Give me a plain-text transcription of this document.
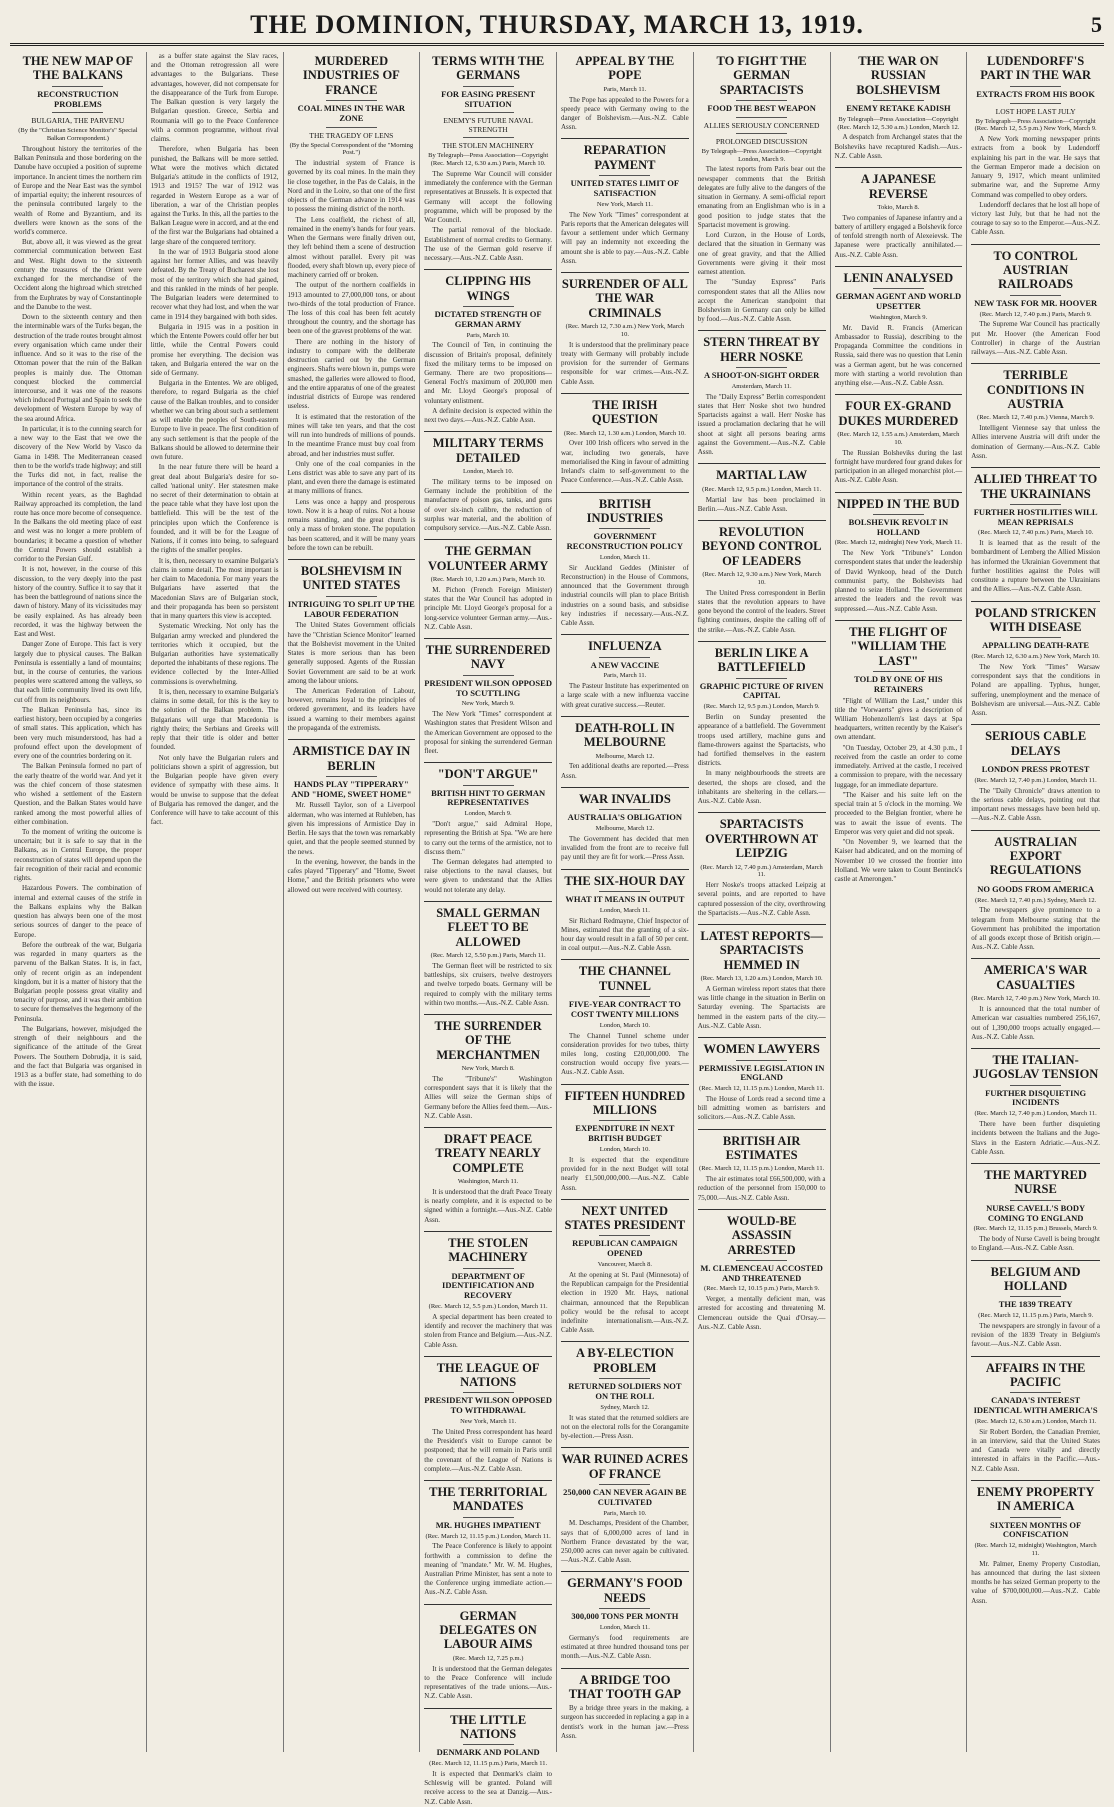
THE DOMINION, THURSDAY, MARCH 13, 1919.	5
THE NEW MAP OF THE BALKANS
RECONSTRUCTION PROBLEMS
BULGARIA, THE PARVENU
(By the "Christian Science Monitor's" Special Balkan Correspondent.)

Throughout history the territories of the Balkan Peninsula and those bordering on the Danube have occupied a position of supreme importance. In ancient times the northern rim of Europe and the Near East was the symbol of impartial equity; the inherent resources of the peninsula contributed largely to the wealth of Rome and Byzantium, and its dwellers were known as the sons of the world's commerce.

But, above all, it was viewed as the great commercial communication between East and West. Right down to the sixteenth century the treasures of the Orient were exchanged for the merchandise of the Occident along the highroad which stretched from the Euphrates by way of Constantinople and the Danube to the west.

Down to the sixteenth century and then the interminable wars of the Turks began, the destruction of the trade routes brought almost every organisation which came under their influence. And so it was to the rise of the Ottoman power that the ruin of the Balkan peoples is mainly due. The Ottoman conquest blocked the commercial intercourse, and it was one of the reasons which induced Portugal and Spain to seek the development of Western Europe by way of the sea around Africa.

In particular, it is to the cunning search for a new way to the East that we owe the discovery of the New World by Vasco da Gama in 1498. The Mediterranean ceased then to be the world's trade highway; and still the Turks did not, in fact, realise the importance of the control of the straits.

Within recent years, as the Baghdad Railway approached its completion, the land route has once more become of consequence. In the Balkans the old meeting place of east and west was no longer a mere problem of boundaries; it became a question of whether the Central Powers should establish a corridor to the Persian Gulf.

It is not, however, in the course of this discussion, to the very deeply into the past history of the country. Suffice it to say that it has been the battleground of nations since the dawn of history. Many of its vicissitudes may be easily explained. As has already been recorded, it was the highway between the East and West.

Danger Zone of Europe. This fact is very largely due to physical causes. The Balkan Peninsula is essentially a land of mountains; but, in the course of centuries, the various peoples were scattered among the valleys, so that each little community lived its own life, cut off from its neighbours.

The Balkan Peninsula has, since its earliest history, been occupied by a congeries of small states. This application, which has been very much misunderstood, has had a profound effect upon the development of every one of the countries bordering on it.

The Balkan Peninsula formed no part of the early theatre of the world war. And yet it was the chief concern of those statesmen who wished a settlement of the Eastern Question, and the Balkan States would have ranked among the most powerful allies of either combination.

To the moment of writing the outcome is uncertain; but it is safe to say that in the Balkans, as in Central Europe, the proper reconstruction of states will depend upon the fair recognition of their racial and economic rights.

Hazardous Powers. The combination of internal and external causes of the strife in the Balkans explains why the Balkan question has always been one of the most serious sources of danger to the peace of Europe.

Before the outbreak of the war, Bulgaria was regarded in many quarters as the parvenu of the Balkan States. It is, in fact, only of recent origin as an independent kingdom, but it is a matter of history that the Bulgarian people possess great vitality and tenacity of purpose, and it was their ambition to secure for themselves the hegemony of the Peninsula.

The Bulgarians, however, misjudged the strength of their neighbours and the significance of the attitude of the Great Powers. The Southern Dobrudja, it is said, and the fact that Bulgaria was organised in 1913 as a buffer state, had something to do with the issue.

as a buffer state against the Slav races, and the Ottoman retrogression all were advantages to the Bulgarians. These advantages, however, did not compensate for the disappearance of the Turk from Europe. The Balkan question is very largely the Bulgarian question. Greece, Serbia and Roumania will go to the Peace Conference with a common programme, without rival claims.

Therefore, when Bulgaria has been punished, the Balkans will be more settled. What were the motives which dictated Bulgaria's attitude in the conflicts of 1912, 1913 and 1915? The war of 1912 was regarded in Western Europe as a war of liberation, a war of the Christian peoples against the Turks. In this, all the parties to the Balkan League were in accord, and at the end of the first war the Bulgarians had obtained a large share of the conquered territory.

In the war of 1913 Bulgaria stood alone against her former Allies, and was heavily defeated. By the Treaty of Bucharest she lost most of the territory which she had gained, and this rankled in the minds of her people. The Bulgarian leaders were determined to recover what they had lost, and when the war came in 1914 they bargained with both sides.

Bulgaria in 1915 was in a position in which the Entente Powers could offer her but little, while the Central Powers could promise her everything. The decision was taken, and Bulgaria entered the war on the side of Germany.

Bulgaria in the Ententes. We are obliged, therefore, to regard Bulgaria as the chief cause of the Balkan troubles, and to consider whether we can bring about such a settlement as will enable the peoples of South-eastern Europe to live in peace. The first condition of any such settlement is that the people of the Balkans should be allowed to determine their own future.

In the near future there will be heard a great deal about Bulgaria's desire for so-called 'national unity'. Her statesmen make no secret of their determination to obtain at the peace table what they have lost upon the battlefield. This will be the test of the principles upon which the Conference is founded, and it will be for the League of Nations, if it comes into being, to safeguard the rights of the smaller peoples.

It is, then, necessary to examine Bulgaria's claims in some detail. The most important is her claim to Macedonia. For many years the Bulgarians have asserted that the Macedonian Slavs are of Bulgarian stock, and their propaganda has been so persistent that in many quarters this view is accepted.

Systematic Wrecking. Not only has the Bulgarian army wrecked and plundered the territories which it occupied, but the Bulgarian authorities have systematically deported the inhabitants of these regions. The evidence collected by the Inter-Allied commissions is overwhelming.

It is, then, necessary to examine Bulgaria's claims in some detail, for this is the key to the solution of the Balkan problem. The Bulgarians will urge that Macedonia is rightly theirs; the Serbians and Greeks will reply that their title is older and better founded.

Not only have the Bulgarian rulers and politicians shown a spirit of aggression, but the Bulgarian people have given every evidence of sympathy with these aims. It would be unwise to suppose that the defeat of Bulgaria has removed the danger, and the Conference will have to take account of this fact.

MURDERED INDUSTRIES OF FRANCE
COAL MINES IN THE WAR ZONE
THE TRAGEDY OF LENS
(By the Special Correspondent of the "Morning Post.")

The industrial system of France is governed by its coal mines. In the main they lie close together, in the Pas de Calais, in the Nord and in the Loire, so that one of the first objects of the German advance in 1914 was to possess the mining district of the north.

The Lens coalfield, the richest of all, remained in the enemy's hands for four years. When the Germans were finally driven out, they left behind them a scene of destruction almost without parallel. Every pit was flooded, every shaft blown up, every piece of machinery carried off or broken.

The output of the northern coalfields in 1913 amounted to 27,000,000 tons, or about two-thirds of the total production of France. The loss of this coal has been felt acutely throughout the country, and the shortage has been one of the gravest problems of the war.

There are nothing in the history of industry to compare with the deliberate destruction carried out by the German engineers. Shafts were blown in, pumps were smashed, the galleries were allowed to flood, and the entire apparatus of one of the greatest industrial districts of Europe was rendered useless.

It is estimated that the restoration of the mines will take ten years, and that the cost will run into hundreds of millions of pounds. In the meantime France must buy coal from abroad, and her industries must suffer.

Only one of the coal companies in the Lens district was able to save any part of its plant, and even there the damage is estimated at many millions of francs.

Lens was once a happy and prosperous town. Now it is a heap of ruins. Not a house remains standing, and the great church is only a mass of broken stone. The population has been scattered, and it will be many years before the town can be rebuilt.

BOLSHEVISM IN UNITED STATES
INTRIGUING TO SPLIT UP THE LABOUR FEDERATION

The United States Government officials have the "Christian Science Monitor" learned that the Bolshevist movement in the United States is more serious than has been generally supposed. Agents of the Russian Soviet Government are said to be at work among the labour unions.

The American Federation of Labour, however, remains loyal to the principles of ordered government, and its leaders have issued a warning to their members against the propaganda of the extremists.

ARMISTICE DAY IN BERLIN
HANDS PLAY "TIPPERARY" AND "HOME, SWEET HOME"

Mr. Russell Taylor, son of a Liverpool alderman, who was interned at Ruhleben, has given his impressions of Armistice Day in Berlin. He says that the town was remarkably quiet, and that the people seemed stunned by the news.

In the evening, however, the bands in the cafes played "Tipperary" and "Home, Sweet Home," and the British prisoners who were allowed out were received with courtesy.

TERMS WITH THE GERMANS
FOR EASING PRESENT SITUATION
ENEMY'S FUTURE NAVAL STRENGTH
THE STOLEN MACHINERY
By Telegraph—Press Association—Copyright (Rec. March 12, 6.30 a.m.) Paris, March 10.

The Supreme War Council will consider immediately the conference with the German representatives at Brussels. It is expected that Germany will accept the following programme, which will be proposed by the War Council.

The partial removal of the blockade. Establishment of normal credits to Germany. The use of the German gold reserve if necessary.—Aus.-N.Z. Cable Assn.

CLIPPING HIS WINGS
DICTATED STRENGTH OF GERMAN ARMY
Paris, March 10.

The Council of Ten, in continuing the discussion of Britain's proposal, definitely fixed the military terms to be imposed on Germany. There are two propositions—General Foch's maximum of 200,000 men and Mr. Lloyd George's proposal of voluntary enlistment.

A definite decision is expected within the next two days.—Aus.-N.Z. Cable Assn.

MILITARY TERMS DETAILED
London, March 10.

The military terms to be imposed on Germany include the prohibition of the manufacture of poison gas, tanks, and guns of over six-inch calibre, the reduction of surplus war material, and the abolition of compulsory service.—Aus.-N.Z. Cable Assn.

THE GERMAN VOLUNTEER ARMY
(Rec. March 10, 1.20 a.m.) Paris, March 10.

M. Pichon (French Foreign Minister) states that the War Council has adopted in principle Mr. Lloyd George's proposal for a long-service volunteer German army.—Aus.-N.Z. Cable Assn.

THE SURRENDERED NAVY
PRESIDENT WILSON OPPOSED TO SCUTTLING
New York, March 9.

The New York "Times" correspondent at Washington states that President Wilson and the American Government are opposed to the proposal for sinking the surrendered German fleet.

"DON'T ARGUE"
BRITISH HINT TO GERMAN REPRESENTATIVES
London, March 9.

"Don't argue," said Admiral Hope, representing the British at Spa. "We are here to carry out the terms of the armistice, not to discuss them."

The German delegates had attempted to raise objections to the naval clauses, but were given to understand that the Allies would not tolerate any delay.

SMALL GERMAN FLEET TO BE ALLOWED
(Rec. March 12, 5.50 p.m.) Paris, March 11.

The German fleet will be restricted to six battleships, six cruisers, twelve destroyers and twelve torpedo boats. Germany will be required to comply with the military terms within two months.—Aus.-N.Z. Cable Assn.

THE SURRENDER OF THE MERCHANTMEN
New York, March 8.

The "Tribune's" Washington correspondent says that it is likely that the Allies will seize the German ships of Germany before the Allies feed them.—Aus.-N.Z. Cable Assn.

DRAFT PEACE TREATY NEARLY COMPLETE
Washington, March 11.

It is understood that the draft Peace Treaty is nearly complete, and it is expected to be signed within a fortnight.—Aus.-N.Z. Cable Assn.

THE STOLEN MACHINERY
DEPARTMENT OF IDENTIFICATION AND RECOVERY
(Rec. March 12, 5.5 p.m.) London, March 11.

A special department has been created to identify and recover the machinery that was stolen from France and Belgium.—Aus.-N.Z. Cable Assn.

THE LEAGUE OF NATIONS
PRESIDENT WILSON OPPOSED TO WITHDRAWAL
New York, March 11.

The United Press correspondent has heard the President's visit to Europe cannot be postponed; that he will remain in Paris until the covenant of the League of Nations is complete.—Aus.-N.Z. Cable Assn.

THE TERRITORIAL MANDATES
MR. HUGHES IMPATIENT
(Rec. March 12, 11.15 p.m.) London, March 11.

The Peace Conference is likely to appoint forthwith a commission to define the meaning of "mandate." Mr. W. M. Hughes, Australian Prime Minister, has sent a note to the Conference urging immediate action.—Aus.-N.Z. Cable Assn.

GERMAN DELEGATES ON LABOUR AIMS
(Rec. March 12, 7.25 p.m.)

It is understood that the German delegates to the Peace Conference will include representatives of the trade unions.—Aus.-N.Z. Cable Assn.

THE LITTLE NATIONS
DENMARK AND POLAND
(Rec. March 12, 11.15 p.m.) Paris, March 11.

It is expected that Denmark's claim to Schleswig will be granted. Poland will receive access to the sea at Danzig.—Aus.-N.Z. Cable Assn.

APPEAL BY THE POPE
Paris, March 11.

The Pope has appealed to the Powers for a speedy peace with Germany owing to the danger of Bolshevism.—Aus.-N.Z. Cable Assn.

REPARATION PAYMENT
UNITED STATES LIMIT OF SATISFACTION
New York, March 11.

The New York "Times" correspondent at Paris reports that the American delegates will favour a settlement under which Germany will pay an indemnity not exceeding the amount she is able to pay.—Aus.-N.Z. Cable Assn.

SURRENDER OF ALL THE WAR CRIMINALS
(Rec. March 12, 7.30 a.m.) New York, March 10.

It is understood that the preliminary peace treaty with Germany will probably include provision for the surrender of Germans responsible for war crimes.—Aus.-N.Z. Cable Assn.

THE IRISH QUESTION
(Rec. March 12, 1.30 a.m.) London, March 10.

Over 100 Irish officers who served in the war, including two generals, have memorialised the King in favour of admitting Ireland's claim to self-government to the Peace Conference.—Aus.-N.Z. Cable Assn.

BRITISH INDUSTRIES
GOVERNMENT RECONSTRUCTION POLICY
London, March 11.

Sir Auckland Geddes (Minister of Reconstruction) in the House of Commons, announced that the Government through industrial councils will plan to place British industries on a sound basis, and subsidise key industries if necessary.—Aus.-N.Z. Cable Assn.

INFLUENZA
A NEW VACCINE
Paris, March 11.

The Pasteur Institute has experimented on a large scale with a new influenza vaccine with great curative success.—Reuter.

DEATH-ROLL IN MELBOURNE
Melbourne, March 12.

Ten additional deaths are reported.—Press Assn.

WAR INVALIDS
AUSTRALIA'S OBLIGATION
Melbourne, March 12.

The Government has decided that men invalided from the front are to receive full pay until they are fit for work.—Press Assn.

THE SIX-HOUR DAY
WHAT IT MEANS IN OUTPUT
London, March 11.

Sir Richard Redmayne, Chief Inspector of Mines, estimated that the granting of a six-hour day would result in a fall of 50 per cent. in coal output.—Aus.-N.Z. Cable Assn.

THE CHANNEL TUNNEL
FIVE-YEAR CONTRACT TO COST TWENTY MILLIONS
London, March 10.

The Channel Tunnel scheme under consideration provides for two tubes, thirty miles long, costing £20,000,000. The construction would occupy five years.—Aus.-N.Z. Cable Assn.

FIFTEEN HUNDRED MILLIONS
EXPENDITURE IN NEXT BRITISH BUDGET
London, March 10.

It is expected that the expenditure provided for in the next Budget will total nearly £1,500,000,000.—Aus.-N.Z. Cable Assn.

NEXT UNITED STATES PRESIDENT
REPUBLICAN CAMPAIGN OPENED
Vancouver, March 8.

At the opening at St. Paul (Minnesota) of the Republican campaign for the Presidential election in 1920 Mr. Hays, national chairman, announced that the Republican policy would be the refusal to accept indefinite internationalism.—Aus.-N.Z. Cable Assn.

A BY-ELECTION PROBLEM
RETURNED SOLDIERS NOT ON THE ROLL
Sydney, March 12.

It was stated that the returned soldiers are not on the electoral rolls for the Corangamite by-election.—Press Assn.

WAR RUINED ACRES OF FRANCE
250,000 CAN NEVER AGAIN BE CULTIVATED
Paris, March 10.

M. Deschamps, President of the Chamber, says that of 6,000,000 acres of land in Northern France devastated by the war, 250,000 acres can never again be cultivated.—Aus.-N.Z. Cable Assn.

GERMANY'S FOOD NEEDS
300,000 TONS PER MONTH
London, March 11.

Germany's food requirements are estimated at three hundred thousand tons per month.—Aus.-N.Z. Cable Assn.

A BRIDGE TOO THAT TOOTH GAP

By a bridge three years in the making, a surgeon has succeeded in replacing a gap in a dentist's work in the human jaw.—Press Assn.

TO FIGHT THE GERMAN SPARTACISTS
FOOD THE BEST WEAPON
ALLIES SERIOUSLY CONCERNED
PROLONGED DISCUSSION
By Telegraph—Press Association—Copyright London, March 9.

The latest reports from Paris bear out the newspaper comments that the British delegates are fully alive to the dangers of the situation in Germany. A semi-official report emanating from an Englishman who is in a good position to judge states that the Spartacist movement is growing.

Lord Curzon, in the House of Lords, declared that the situation in Germany was one of great gravity, and that the Allied Governments were giving it their most earnest attention.

The "Sunday Express" Paris correspondent states that all the Allies now accept the American standpoint that Bolshevism in Germany can only be killed by food.—Aus.-N.Z. Cable Assn.

STERN THREAT BY HERR NOSKE
A SHOOT-ON-SIGHT ORDER
Amsterdam, March 11.

The "Daily Express" Berlin correspondent states that Herr Noske shot two hundred Spartacists against a wall. Herr Noske has issued a proclamation declaring that he will shoot at sight all persons bearing arms against the Government.—Aus.-N.Z. Cable Assn.

MARTIAL LAW
(Rec. March 12, 9.5 p.m.) London, March 11.

Martial law has been proclaimed in Berlin.—Aus.-N.Z. Cable Assn.

REVOLUTION BEYOND CONTROL OF LEADERS
(Rec. March 12, 9.30 a.m.) New York, March 10.

The United Press correspondent in Berlin states that the revolution appears to have gone beyond the control of the leaders. Street fighting continues, despite the calling off of the strike.—Aus.-N.Z. Cable Assn.

BERLIN LIKE A BATTLEFIELD
GRAPHIC PICTURE OF RIVEN CAPITAL
(Rec. March 12, 9.5 p.m.) London, March 9.

Berlin on Sunday presented the appearance of a battlefield. The Government troops used artillery, machine guns and flame-throwers against the Spartacists, who had fortified themselves in the eastern districts.

In many neighbourhoods the streets are deserted, the shops are closed, and the inhabitants are sheltering in the cellars.—Aus.-N.Z. Cable Assn.

SPARTACISTS OVERTHROWN AT LEIPZIG
(Rec. March 12, 7.40 p.m.) Amsterdam, March 11.

Herr Noske's troops attacked Leipzig at several points, and are reported to have captured possession of the city, overthrowing the Spartacists.—Aus.-N.Z. Cable Assn.

LATEST REPORTS—SPARTACISTS HEMMED IN
(Rec. March 13, 1.20 a.m.) London, March 10.

A German wireless report states that there was little change in the situation in Berlin on Saturday evening. The Spartacists are hemmed in the eastern parts of the city.—Aus.-N.Z. Cable Assn.

WOMEN LAWYERS
PERMISSIVE LEGISLATION IN ENGLAND
(Rec. March 12, 11.15 p.m.) London, March 11.

The House of Lords read a second time a bill admitting women as barristers and solicitors.—Aus.-N.Z. Cable Assn.

BRITISH AIR ESTIMATES
(Rec. March 12, 11.15 p.m.) London, March 11.

The air estimates total £66,500,000, with a reduction of the personnel from 150,000 to 75,000.—Aus.-N.Z. Cable Assn.

WOULD-BE ASSASSIN ARRESTED
M. CLEMENCEAU ACCOSTED AND THREATENED
(Rec. March 12, 10.15 p.m.) Paris, March 9.

Verger, a mentally deficient man, was arrested for accosting and threatening M. Clemenceau outside the Quai d'Orsay.—Aus.-N.Z. Cable Assn.

THE WAR ON RUSSIAN BOLSHEVISM
ENEMY RETAKE KADISH
By Telegraph—Press Association—Copyright (Rec. March 12, 5.30 a.m.) London, March 12.

A despatch from Archangel states that the Bolsheviks have recaptured Kadish.—Aus.-N.Z. Cable Assn.

A JAPANESE REVERSE
Tokio, March 8.

Two companies of Japanese infantry and a battery of artillery engaged a Bolshevik force of tenfold strength north of Alexeievsk. The Japanese were practically annihilated.—Aus.-N.Z. Cable Assn.

LENIN ANALYSED
GERMAN AGENT AND WORLD UPSETTER
Washington, March 9.

Mr. David R. Francis (American Ambassador to Russia), describing to the Propaganda Committee the conditions in Russia, said there was no question that Lenin was a German agent, but he was concerned more with starting a world revolution than anything else.—Aus.-N.Z. Cable Assn.

FOUR EX-GRAND DUKES MURDERED
(Rec. March 12, 1.55 a.m.) Amsterdam, March 10.

The Russian Bolsheviks during the last fortnight have murdered four grand dukes for participation in an alleged monarchist plot.—Aus.-N.Z. Cable Assn.

NIPPED IN THE BUD
BOLSHEVIK REVOLT IN HOLLAND
(Rec. March 12, midnight) New York, March 11.

The New York "Tribune's" London correspondent states that under the leadership of David Wynkoop, head of the Dutch communist party, the Bolshevists had planned to seize Holland. The Government arrested the leaders and the revolt was suppressed.—Aus.-N.Z. Cable Assn.

THE FLIGHT OF "WILLIAM THE LAST"
TOLD BY ONE OF HIS RETAINERS

"Flight of William the Last," under this title the "Vorwaerts" gives a description of William Hohenzollern's last days at Spa headquarters, written recently by the Kaiser's own attendant.

"On Tuesday, October 29, at 4.30 p.m., I received from the castle an order to come immediately. Arrived at the castle, I received a commission to prepare, with the necessary luggage, for an immediate departure.

"The Kaiser and his suite left on the special train at 5 o'clock in the morning. We proceeded to the Belgian frontier, where he was to await the issue of events. The Emperor was very quiet and did not speak.

"On November 9, we learned that the Kaiser had abdicated, and on the morning of November 10 we crossed the frontier into Holland. We were taken to Count Bentinck's castle at Amerongen."

LUDENDORFF'S PART IN THE WAR
EXTRACTS FROM HIS BOOK
LOST HOPE LAST JULY
By Telegraph—Press Association—Copyright (Rec. March 12, 5.5 p.m.) New York, March 9.

A New York morning newspaper prints extracts from a book by Ludendorff explaining his part in the war. He says that the German Emperor made a decision on January 9, 1917, which meant unlimited submarine war, and the Supreme Army Command was compelled to obey orders.

Ludendorff declares that he lost all hope of victory last July, but that he had not the courage to say so to the Emperor.—Aus.-N.Z. Cable Assn.

TO CONTROL AUSTRIAN RAILROADS
NEW TASK FOR MR. HOOVER
(Rec. March 12, 7.40 p.m.) Paris, March 9.

The Supreme War Council has practically put Mr. Hoover (the American Food Controller) in charge of the Austrian railways.—Aus.-N.Z. Cable Assn.

TERRIBLE CONDITIONS IN AUSTRIA
(Rec. March 12, 7.40 p.m.) Vienna, March 9.

Intelligent Viennese say that unless the Allies intervene Austria will drift under the domination of Germany.—Aus.-N.Z. Cable Assn.

ALLIED THREAT TO THE UKRAINIANS
FURTHER HOSTILITIES WILL MEAN REPRISALS
(Rec. March 12, 7.40 p.m.) Paris, March 10.

It is learned that as the result of the bombardment of Lemberg the Allied Mission has informed the Ukrainian Government that further hostilities against the Poles will constitute a rupture between the Ukrainians and the Allies.—Aus.-N.Z. Cable Assn.

POLAND STRICKEN WITH DISEASE
APPALLING DEATH-RATE
(Rec. March 12, 6.30 a.m.) New York, March 10.

The New York "Times" Warsaw correspondent says that the conditions in Poland are appalling. Typhus, hunger, suffering, unemployment and the menace of Bolshevism are universal.—Aus.-N.Z. Cable Assn.

SERIOUS CABLE DELAYS
LONDON PRESS PROTEST
(Rec. March 12, 7.40 p.m.) London, March 11.

The "Daily Chronicle" draws attention to the serious cable delays, pointing out that important news messages have been held up.—Aus.-N.Z. Cable Assn.

AUSTRALIAN EXPORT REGULATIONS
NO GOODS FROM AMERICA
(Rec. March 12, 7.40 p.m.) Sydney, March 12.

The newspapers give prominence to a telegram from Melbourne stating that the Government has prohibited the importation of all goods except those of British origin.—Aus.-N.Z. Cable Assn.

AMERICA'S WAR CASUALTIES
(Rec. March 12, 7.40 p.m.) New York, March 10.

It is announced that the total number of American war casualties numbered 256,167, out of 1,390,000 troops actually engaged.—Aus.-N.Z. Cable Assn.

THE ITALIAN-JUGOSLAV TENSION
FURTHER DISQUIETING INCIDENTS
(Rec. March 12, 7.40 p.m.) London, March 11.

There have been further disquieting incidents between the Italians and the Jugo-Slavs in the Eastern Adriatic.—Aus.-N.Z. Cable Assn.

THE MARTYRED NURSE
NURSE CAVELL'S BODY COMING TO ENGLAND
(Rec. March 12, 11.15 p.m.) Brussels, March 9.

The body of Nurse Cavell is being brought to England.—Aus.-N.Z. Cable Assn.

BELGIUM AND HOLLAND
THE 1839 TREATY
(Rec. March 12, 11.15 p.m.) Paris, March 9.

The newspapers are strongly in favour of a revision of the 1839 Treaty in Belgium's favour.—Aus.-N.Z. Cable Assn.

AFFAIRS IN THE PACIFIC
CANADA'S INTEREST IDENTICAL WITH AMERICA'S
(Rec. March 12, 6.30 a.m.) London, March 11.

Sir Robert Borden, the Canadian Premier, in an interview, said that the United States and Canada were vitally and directly interested in affairs in the Pacific.—Aus.-N.Z. Cable Assn.

ENEMY PROPERTY IN AMERICA
SIXTEEN MONTHS OF CONFISCATION
(Rec. March 12, midnight) Washington, March 11.

Mr. Palmer, Enemy Property Custodian, has announced that during the last sixteen months he has seized German property to the value of $700,000,000.—Aus.-N.Z. Cable Assn.
